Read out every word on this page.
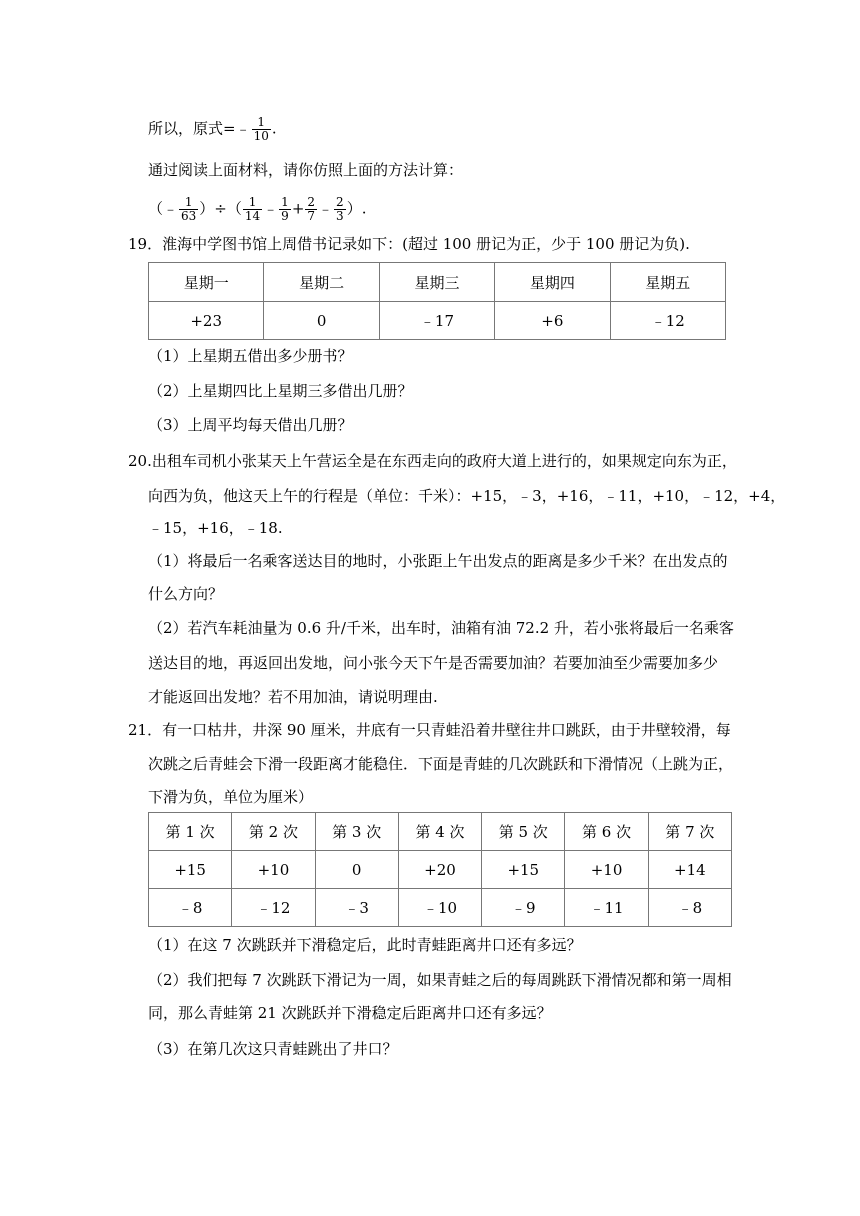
所以，原式=﹣ $\frac{1}{10}$ .
通过阅读上面材料，请你仿照上面的方法计算：
（﹣ $\frac{1}{63}$ ）÷（ $\frac{1}{14}$ ﹣ $\frac{1}{9} + \frac{2}{7}$ ﹣ $\frac{2}{3}$ ）.
19．淮海中学图书馆上周借书记录如下：(超过 100 册记为正，少于 100 册记为负).
星期一	星期二	星期三	星期四	星期五
+23	0	﹣17	+6	﹣12
（1）上星期五借出多少册书？
（2）上星期四比上星期三多借出几册？
（3）上周平均每天借出几册？
20.出租车司机小张某天上午营运全是在东西走向的政府大道上进行的，如果规定向东为正，
向西为负，他这天上午的行程是（单位：千米）：+15，﹣3，+16，﹣11，+10，﹣12，+4，
﹣15，+16，﹣18.
（1）将最后一名乘客送达目的地时，小张距上午出发点的距离是多少千米？在出发点的
什么方向？
（2）若汽车耗油量为 0.6 升/千米，出车时，油箱有油 72.2 升，若小张将最后一名乘客
送达目的地，再返回出发地，问小张今天下午是否需要加油？若要加油至少需要加多少
才能返回出发地？若不用加油，请说明理由.
21．有一口枯井，井深 90 厘米，井底有一只青蛙沿着井壁往井口跳跃，由于井壁较滑，每
次跳之后青蛙会下滑一段距离才能稳住．下面是青蛙的几次跳跃和下滑情况（上跳为正，
下滑为负，单位为厘米）
第 1 次	第 2 次	第 3 次	第 4 次	第 5 次	第 6 次	第 7 次
+15	+10	0	+20	+15	+10	+14
﹣8	﹣12	﹣3	﹣10	﹣9	﹣11	﹣8
（1）在这 7 次跳跃并下滑稳定后，此时青蛙距离井口还有多远？
（2）我们把每 7 次跳跃下滑记为一周，如果青蛙之后的每周跳跃下滑情况都和第一周相
同，那么青蛙第 21 次跳跃并下滑稳定后距离井口还有多远？
（3）在第几次这只青蛙跳出了井口？
